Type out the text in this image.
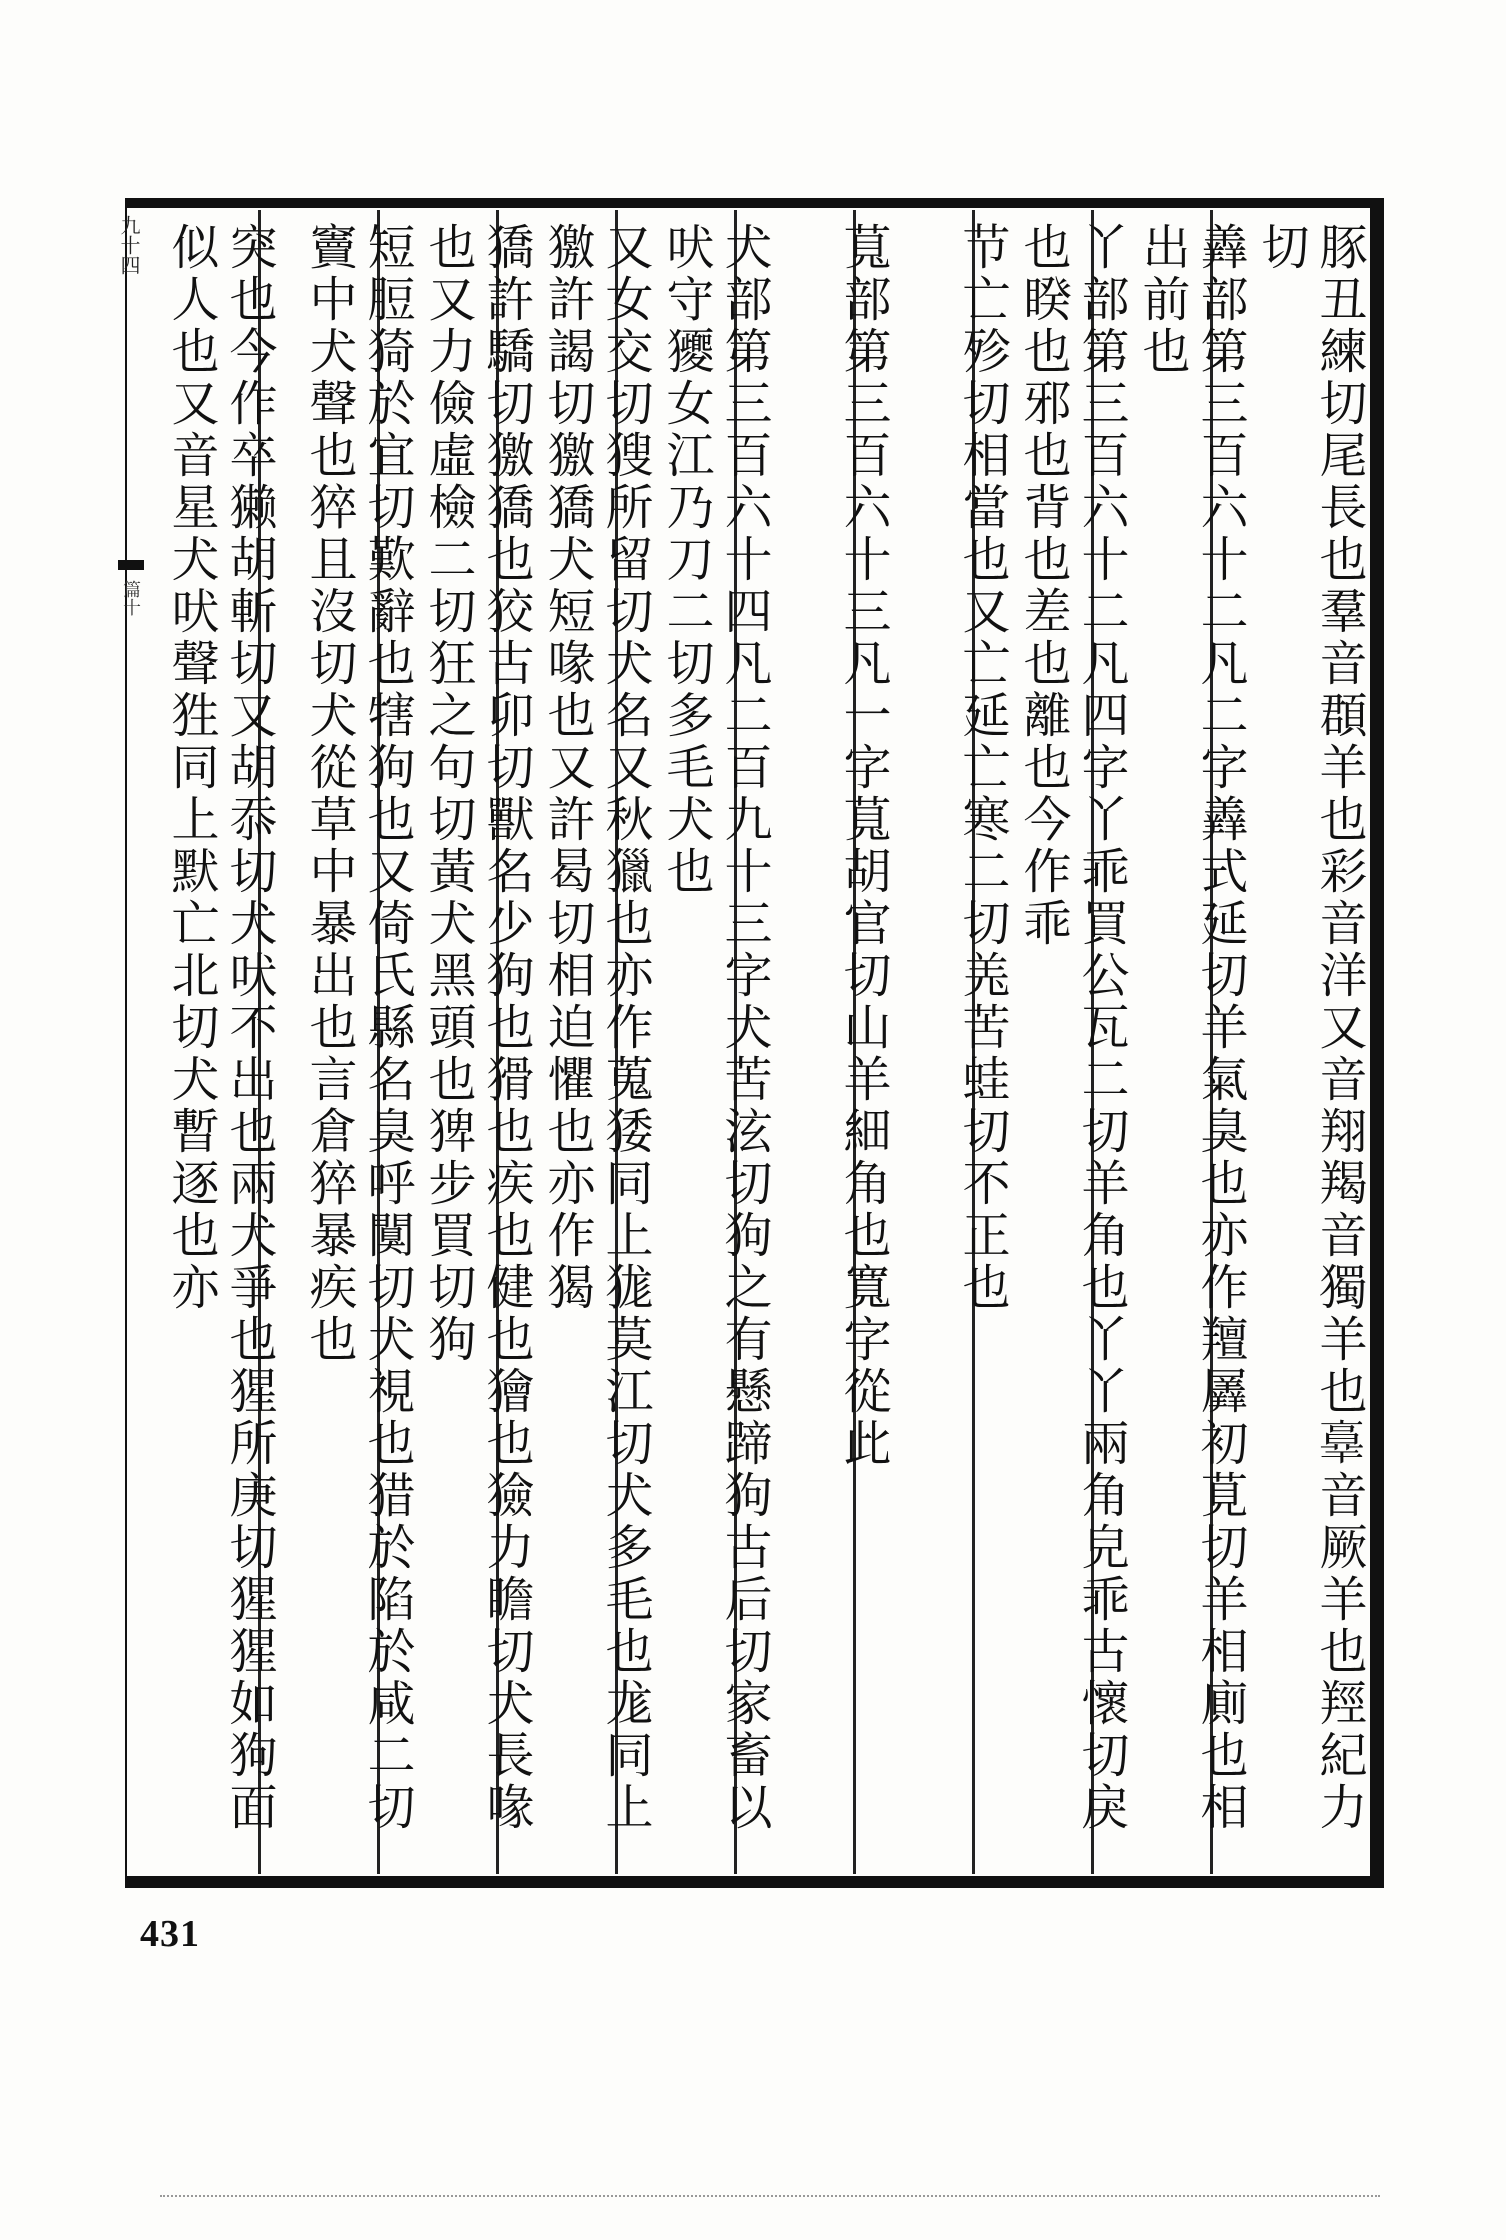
九十四
篇十	豚丑練切尾長也羣音頵羊也彩音洋又音翔羯音獨羊也𦎧音厥羊也羥紀力切
羴部第三百六十二凡二字羴式延切羊氣臭也亦作羶羼初莧切羊相廁也相出前也
丫部第三百六十二凡四字丫乖買公瓦二切羊角也丫丫兩角皃乖古懷切戾也睽也邪也背也差也離也今作乖
节亡殄切相當也又亡延亡寒二切𦍑苦蛙切不正也
萈部第三百六十三凡一字萈胡官切山羊細角也寬字從此
犬部第三百六十四凡二百九十三字犬苦泫切狗之有懸蹄狗古后切家畜以吠守獿女江乃刀二切多毛犬也
又女交切獀所留切犬名又秋獵也亦作蒐㹻同上狵莫江切犬多毛也尨同上獥許謁切獥獢犬短喙也又許曷切相迫懼也亦作猲
獢許驕切獥獢也狡古卯切獸名少狗也猾也疾也健也獪也獫力瞻切犬長喙也又力儉虛檢二切狂之句切黃犬黑頭也猈步買切狗
短脰猗於宜切歎辭也犗狗也又倚氏縣名臭呼闃切犬視也猎於陷於咸二切竇中犬聲也猝且沒切犬從草中暴出也言倉猝暴疾也
突也今作卒獭胡斬切又胡忝切犬吠不出也兩犬爭也猩所庚切猩猩如狗面似人也又音星犬吠聲狌同上默亡北切犬暫逐也亦
431
